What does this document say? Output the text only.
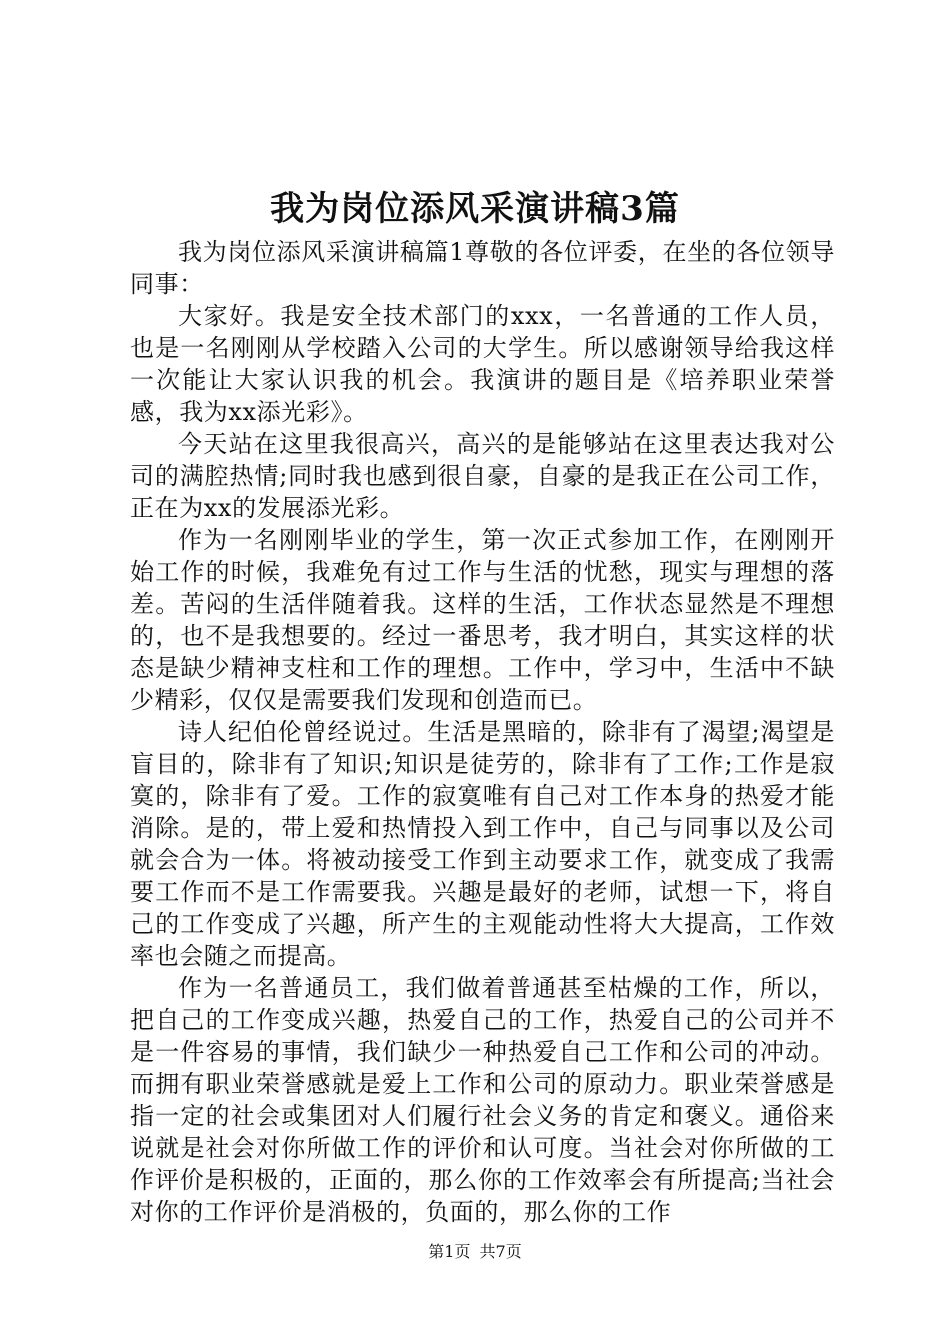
我为岗位添风采演讲稿3篇

我为岗位添风采演讲稿篇1尊敬的各位评委，在坐的各位领导同事：

大家好。我是安全技术部门的xxx，一名普通的工作人员，也是一名刚刚从学校踏入公司的大学生。所以感谢领导给我这样一次能让大家认识我的机会。我演讲的题目是《培养职业荣誉感，我为xx添光彩》。

今天站在这里我很高兴，高兴的是能够站在这里表达我对公司的满腔热情;同时我也感到很自豪，自豪的是我正在公司工作，正在为xx的发展添光彩。

作为一名刚刚毕业的学生，第一次正式参加工作，在刚刚开始工作的时候，我难免有过工作与生活的忧愁，现实与理想的落差。苦闷的生活伴随着我。这样的生活，工作状态显然是不理想的，也不是我想要的。经过一番思考，我才明白，其实这样的状态是缺少精神支柱和工作的理想。工作中，学习中，生活中不缺少精彩，仅仅是需要我们发现和创造而已。

诗人纪伯伦曾经说过。生活是黑暗的，除非有了渴望;渴望是盲目的，除非有了知识;知识是徒劳的，除非有了工作;工作是寂寞的，除非有了爱。工作的寂寞唯有自己对工作本身的热爱才能消除。是的，带上爱和热情投入到工作中，自己与同事以及公司就会合为一体。将被动接受工作到主动要求工作，就变成了我需要工作而不是工作需要我。兴趣是最好的老师，试想一下，将自己的工作变成了兴趣，所产生的主观能动性将大大提高，工作效率也会随之而提高。

作为一名普通员工，我们做着普通甚至枯燥的工作，所以，把自己的工作变成兴趣，热爱自己的工作，热爱自己的公司并不是一件容易的事情，我们缺少一种热爱自己工作和公司的冲动。而拥有职业荣誉感就是爱上工作和公司的原动力。职业荣誉感是指一定的社会或集团对人们履行社会义务的肯定和褒义。通俗来说就是社会对你所做工作的评价和认可度。当社会对你所做的工作评价是积极的，正面的，那么你的工作效率会有所提高;当社会对你的工作评价是消极的，负面的，那么你的工作

第1页 共7页
